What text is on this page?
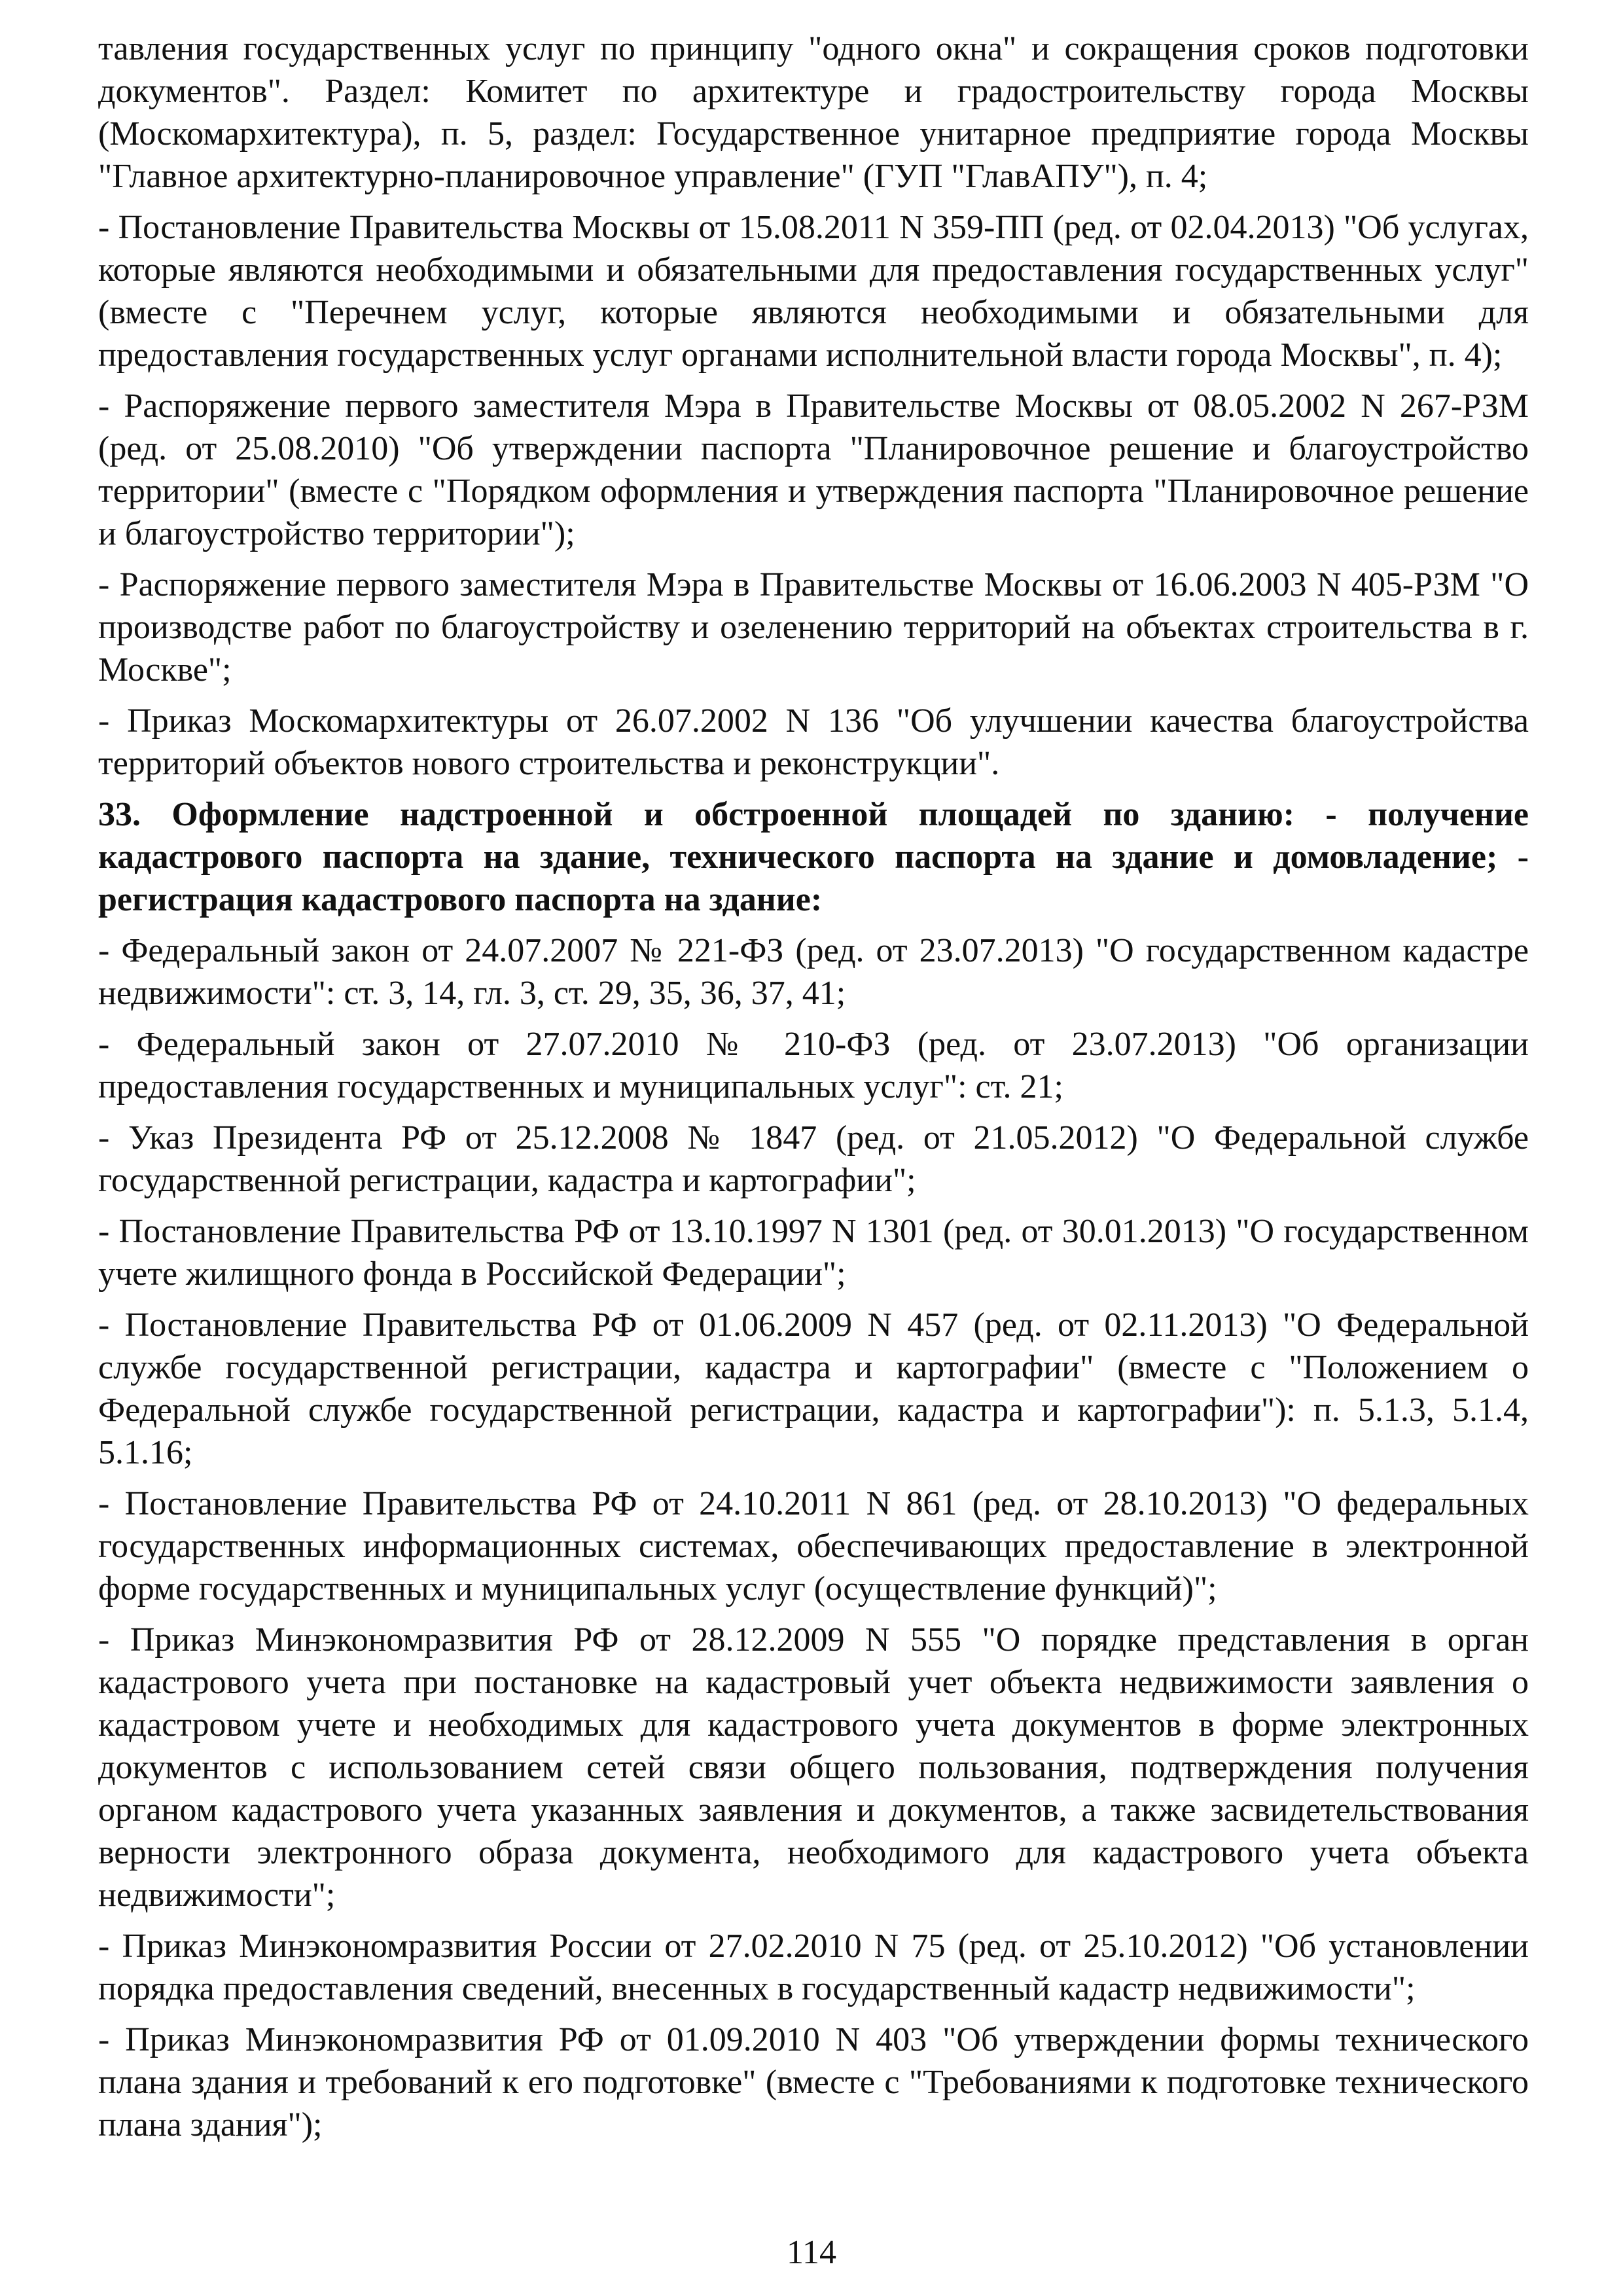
тавления государственных услуг по принципу "одного окна" и сокращения сроков подготовки документов". Раздел: Комитет по архитектуре и градостроительству города Москвы (Москомархитектура), п. 5, раздел: Государственное унитарное предприятие города Москвы "Главное архитектурно-планировочное управление" (ГУП "ГлавАПУ"), п. 4;

- Постановление Правительства Москвы от 15.08.2011 N 359-ПП (ред. от 02.04.2013) "Об услугах, которые являются необходимыми и обязательными для предоставления государственных услуг" (вместе с "Перечнем услуг, которые являются необходимыми и обязательными для предоставления государственных услуг органами исполнительной власти города Москвы", п. 4);

- Распоряжение первого заместителя Мэра в Правительстве Москвы от 08.05.2002 N 267-РЗМ (ред. от 25.08.2010) "Об утверждении паспорта "Планировочное решение и благоустройство территории" (вместе с "Порядком оформления и утверждения паспорта "Планировочное решение и благоустройство территории");

- Распоряжение первого заместителя Мэра в Правительстве Москвы от 16.06.2003 N 405-РЗМ "О производстве работ по благоустройству и озеленению территорий на объектах строительства в г. Москве";

- Приказ Москомархитектуры от 26.07.2002 N 136 "Об улучшении качества благоустройства территорий объектов нового строительства и реконструкции".

33. Оформление надстроенной и обстроенной площадей по зданию: - получение кадастрового паспорта на здание, технического паспорта на здание и домовладение; - регистрация кадастрового паспорта на здание:

- Федеральный закон от 24.07.2007 № 221-ФЗ (ред. от 23.07.2013) "О государственном кадастре недвижимости": ст. 3, 14, гл. 3, ст. 29, 35, 36, 37, 41;

- Федеральный закон от 27.07.2010 № 210-ФЗ (ред. от 23.07.2013) "Об организации предоставления государственных и муниципальных услуг": ст. 21;

- Указ Президента РФ от 25.12.2008 № 1847 (ред. от 21.05.2012) "О Федеральной службе государственной регистрации, кадастра и картографии";

- Постановление Правительства РФ от 13.10.1997 N 1301 (ред. от 30.01.2013) "О государственном учете жилищного фонда в Российской Федерации";

- Постановление Правительства РФ от 01.06.2009 N 457 (ред. от 02.11.2013) "О Федеральной службе государственной регистрации, кадастра и картографии" (вместе с "Положением о Федеральной службе государственной регистрации, кадастра и картографии"): п. 5.1.3, 5.1.4, 5.1.16;

- Постановление Правительства РФ от 24.10.2011 N 861 (ред. от 28.10.2013) "О федеральных государственных информационных системах, обеспечивающих предоставление в электронной форме государственных и муниципальных услуг (осуществление функций)";

- Приказ Минэкономразвития РФ от 28.12.2009 N 555 "О порядке представления в орган кадастрового учета при постановке на кадастровый учет объекта недвижимости заявления о кадастровом учете и необходимых для кадастрового учета документов в форме электронных документов с использованием сетей связи общего пользования, подтверждения получения органом кадастрового учета указанных заявления и документов, а также засвидетельствования верности электронного образа документа, необходимого для кадастрового учета объекта недвижимости";

- Приказ Минэкономразвития России от 27.02.2010 N 75 (ред. от 25.10.2012) "Об установлении порядка предоставления сведений, внесенных в государственный кадастр недвижимости";

- Приказ Минэкономразвития РФ от 01.09.2010 N 403 "Об утверждении формы технического плана здания и требований к его подготовке" (вместе с "Требованиями к подготовке технического плана здания");

114
